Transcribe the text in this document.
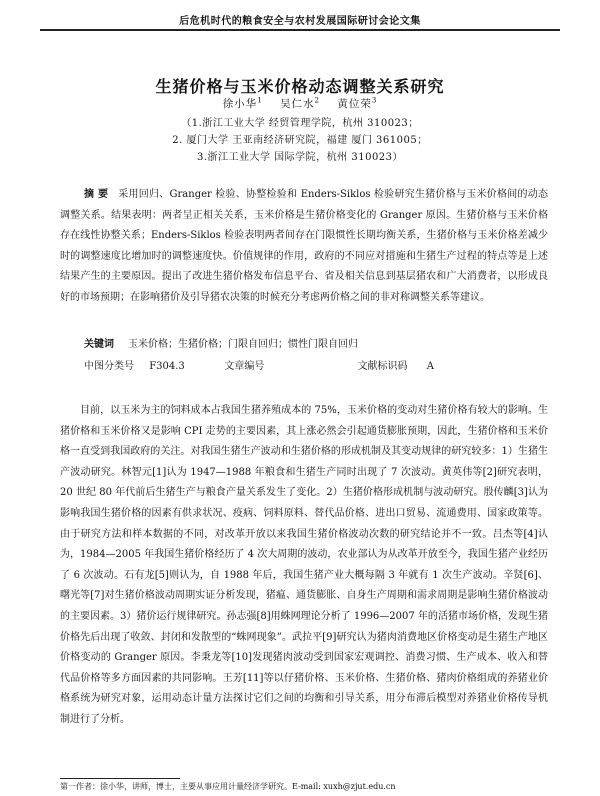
后危机时代的粮食安全与农村发展国际研讨会论文集
生猪价格与玉米价格动态调整关系研究
徐小华$^1$ 吴仁水$^2$ 黄位荣$^3$
（1.浙江工业大学 经贸管理学院，杭州 310023；
2. 厦门大学 王亚南经济研究院，福建 厦门 361005；
3.浙江工业大学 国际学院，杭州 310023）
摘 要 采用回归、Granger 检验、协整检验和 Enders-Siklos 检验研究生猪价格与玉米价格间的动态调整关系。结果表明：两者呈正相关关系，玉米价格是生猪价格变化的 Granger 原因。生猪价格与玉米价格存在线性协整关系；Enders-Siklos 检验表明两者间存在门限惯性长期均衡关系，生猪价格与玉米价格差减少时的调整速度比增加时的调整速度快。价值规律的作用，政府的不同应对措施和生猪生产过程的特点等是上述结果产生的主要原因。提出了改进生猪价格发布信息平台、省及相关信息到基层猪农和广大消费者，以形成良好的市场预期；在影响猪价及引导猪农决策的时候充分考虑两价格之间的非对称调整关系等建议。
关键词 玉米价格；生猪价格；门限自回归；惯性门限自回归
中图分类号 F304.3	文章编号	文献标识码 A
目前，以玉米为主的饲料成本占我国生猪养殖成本的 75%，玉米价格的变动对生猪价格有较大的影响。生猪价格和玉米价格又是影响 CPI 走势的主要因素，其上涨必然会引起通货膨胀预期，因此，生猪价格和玉米价格一直受到我国政府的关注。对我国生猪生产波动和生猪价格的形成机制及其变动规律的研究较多：1）生猪生产波动研究。林智元[1]认为 1947—1988 年粮食和生猪生产同时出现了 7 次波动。黄英伟等[2]研究表明，20 世纪 80 年代前后生猪生产与粮食产量关系发生了变化。2）生猪价格形成机制与波动研究。殷传麟[3]认为影响我国生猪价格的因素有供求状况、疫病、饲料原料、替代品价格、进出口贸易、流通费用、国家政策等。由于研究方法和样本数据的不同，对改革开放以来我国生猪价格波动次数的研究结论并不一致。吕杰等[4]认为，1984—2005 年我国生猪价格经历了 4 次大周期的波动，农业部认为从改革开放至今，我国生猪产业经历了 6 次波动。石有龙[5]则认为，自 1988 年后，我国生猪产业大概每隔 3 年就有 1 次生产波动。辛贤[6]、曙光等[7]对生猪价格波动周期实证分析发现，猪瘟、通货膨胀、自身生产周期和需求周期是影响生猪价格波动的主要因素。3）猪价运行规律研究。孙志强[8]用蛛网理论分析了 1996—2007 年的活猪市场价格，发现生猪价格先后出现了收敛、封闭和发散型的“蛛网现象”。武拉平[9]研究认为猪肉消费地区价格变动是生猪生产地区价格变动的 Granger 原因。李秉龙等[10]发现猪肉波动受到国家宏观调控、消费习惯、生产成本、收入和替代品价格等多方面因素的共同影响。王芳[11]等以仔猪价格、玉米价格、生猪价格、猪肉价格组成的养猪业价格系统为研究对象，运用动态计量方法探讨它们之间的均衡和引导关系，用分布滞后模型对养猪业价格传导机制进行了分析。
第一作者：徐小华，讲师，博士，主要从事应用计量经济学研究。E-mail: xuxh@zjut.edu.cn
